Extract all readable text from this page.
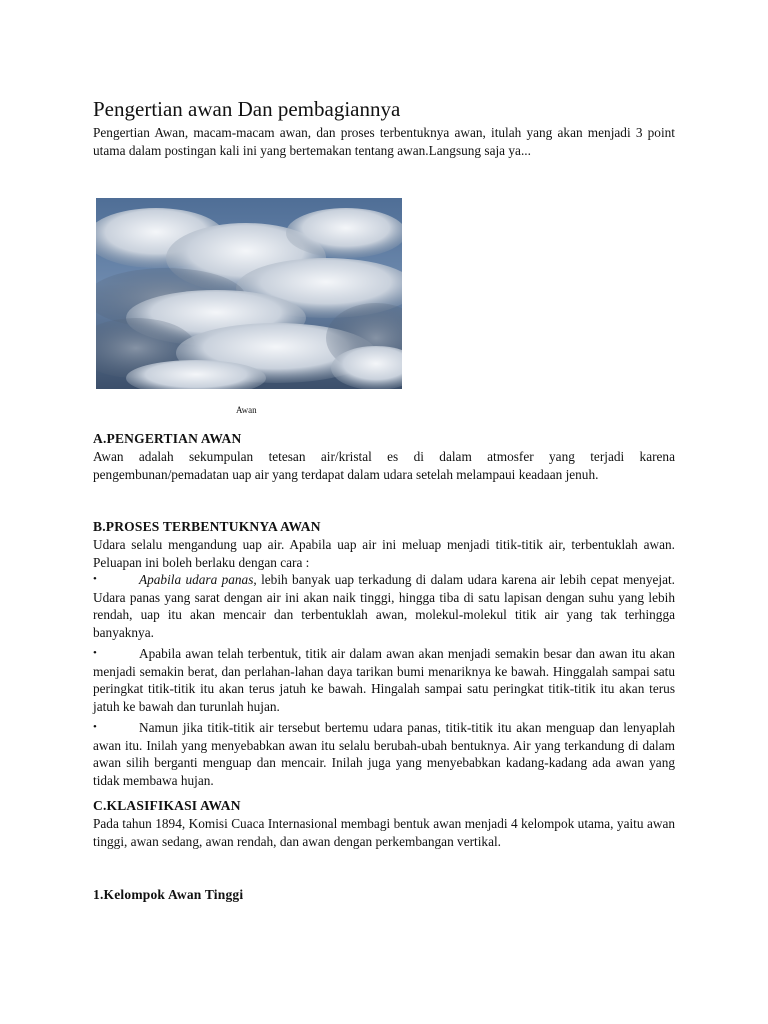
Pengertian awan Dan pembagiannya

Pengertian Awan, macam-macam awan, dan proses terbentuknya awan, itulah yang akan menjadi 3 point utama dalam postingan kali ini yang bertemakan tentang awan.Langsung saja ya...

Awan
A.PENGERTIAN AWAN

Awan adalah sekumpulan tetesan air/kristal es di dalam atmosfer yang terjadi karena pengembunan/pemadatan uap air yang terdapat dalam udara setelah melampaui keadaan jenuh.

B.PROSES TERBENTUKNYA AWAN

Udara selalu mengandung uap air. Apabila uap air ini meluap menjadi titik-titik air, terbentuklah awan. Peluapan ini boleh berlaku dengan cara :

•	Apabila udara panas, lebih banyak uap terkadung di dalam udara karena air lebih cepat menyejat. Udara panas yang sarat dengan air ini akan naik tinggi, hingga tiba di satu lapisan dengan suhu yang lebih rendah, uap itu akan mencair dan terbentuklah awan, molekul-molekul titik air yang tak terhingga banyaknya.
•	Apabila awan telah terbentuk, titik air dalam awan akan menjadi semakin besar dan awan itu akan menjadi semakin berat, dan perlahan-lahan daya tarikan bumi menariknya ke bawah. Hinggalah sampai satu peringkat titik-titik itu akan terus jatuh ke bawah. Hingalah sampai satu peringkat titik-titik itu akan terus jatuh ke bawah dan turunlah hujan.
•	Namun jika titik-titik air tersebut bertemu udara panas, titik-titik itu akan menguap dan lenyaplah awan itu. Inilah yang menyebabkan awan itu selalu berubah-ubah bentuknya. Air yang terkandung di dalam awan silih berganti menguap dan mencair. Inilah juga yang menyebabkan kadang-kadang ada awan yang tidak membawa hujan.
C.KLASIFIKASI AWAN

Pada tahun 1894, Komisi Cuaca Internasional membagi bentuk awan menjadi 4 kelompok utama, yaitu awan tinggi, awan sedang, awan rendah, dan awan dengan perkembangan vertikal.

1.Kelompok Awan Tinggi
